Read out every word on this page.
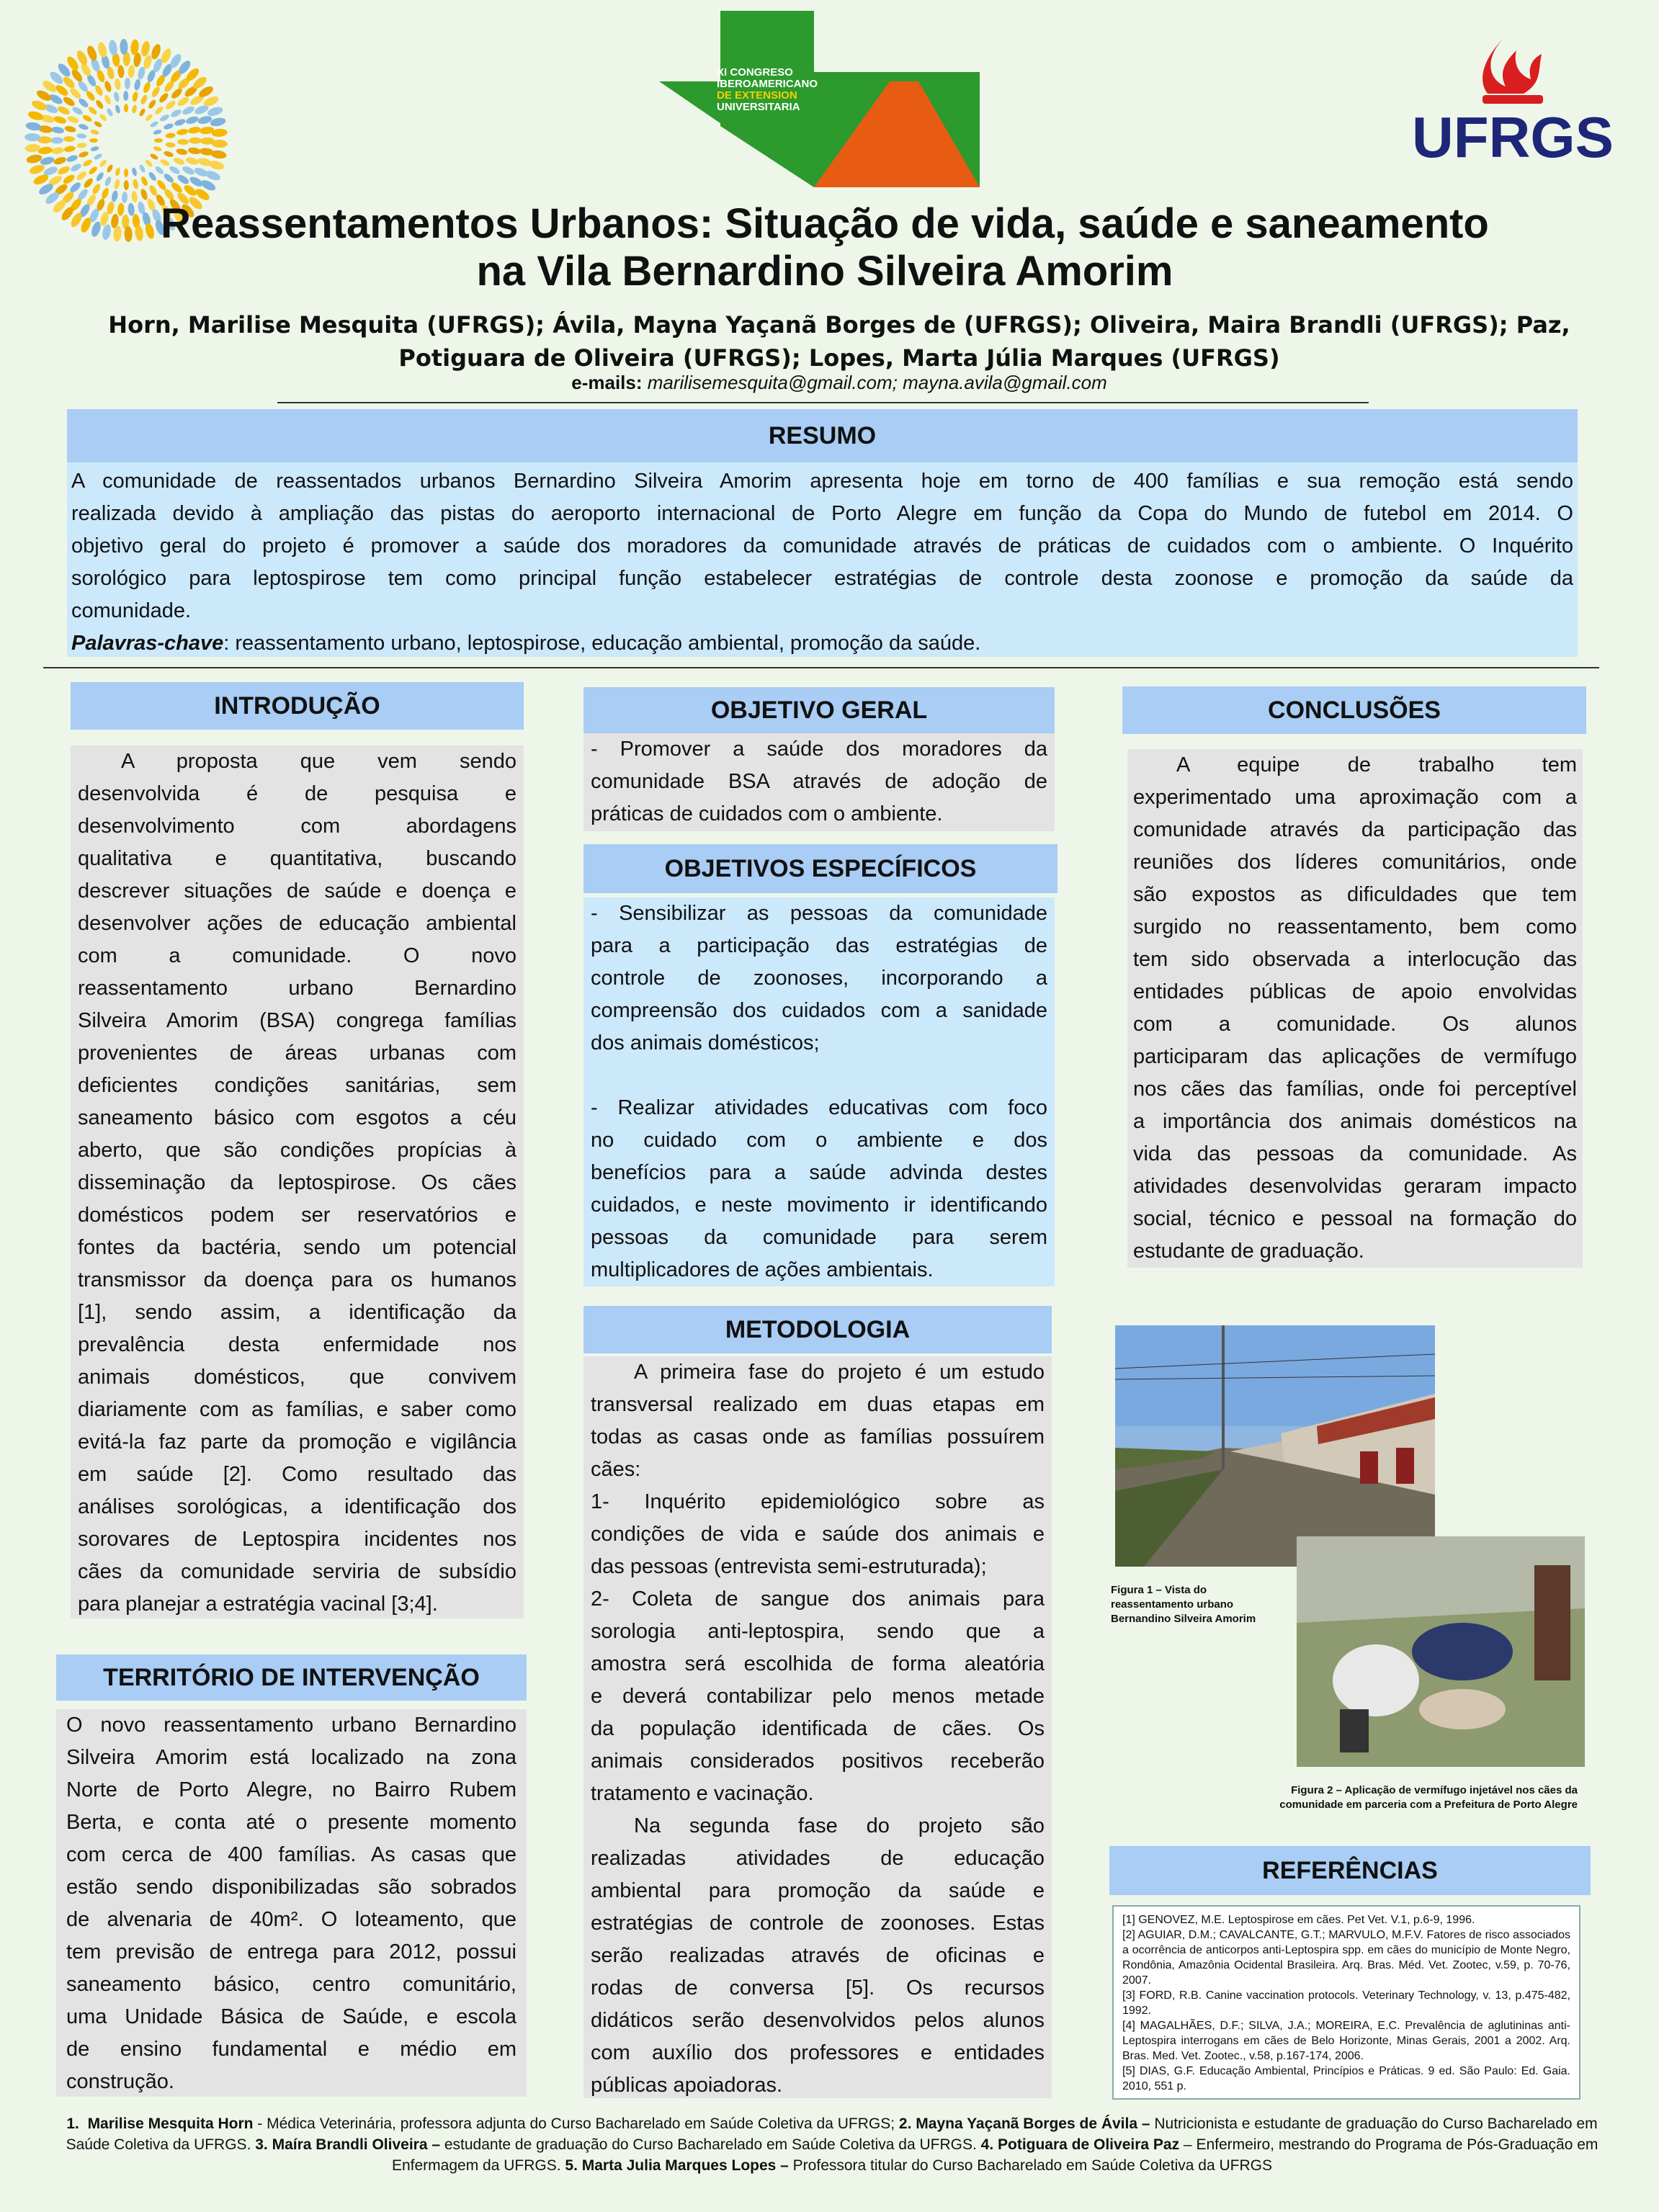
XI CONGRESO
IBEROAMERICANO
DE EXTENSION
UNIVERSITARIA	UFRGS
Reassentamentos Urbanos: Situação de vida, saúde e saneamento
na Vila Bernardino Silveira Amorim
Horn, Marilise Mesquita (UFRGS); Ávila, Mayna Yaçanã Borges de (UFRGS); Oliveira, Maira Brandli (UFRGS); Paz,
Potiguara de Oliveira (UFRGS); Lopes, Marta Júlia Marques (UFRGS)
e-mails: marilisemesquita@gmail.com; mayna.avila@gmail.com
RESUMO

A comunidade de reassentados urbanos Bernardino Silveira Amorim apresenta hoje em torno de 400 famílias e sua remoção está sendo

realizada devido à ampliação das pistas do aeroporto internacional de Porto Alegre em função da Copa do Mundo de futebol em 2014. O

objetivo geral do projeto é promover a saúde dos moradores da comunidade através de práticas de cuidados com o ambiente. O Inquérito

sorológico para leptospirose tem como principal função estabelecer estratégias de controle desta zoonose e promoção da saúde da

comunidade.

Palavras-chave: reassentamento urbano, leptospirose, educação ambiental, promoção da saúde.

INTRODUÇÃO

A proposta que vem sendo

desenvolvida é de pesquisa e

desenvolvimento com abordagens

qualitativa e quantitativa, buscando

descrever situações de saúde e doença e

desenvolver ações de educação ambiental

com a comunidade. O novo

reassentamento urbano Bernardino

Silveira Amorim (BSA) congrega famílias

provenientes de áreas urbanas com

deficientes condições sanitárias, sem

saneamento básico com esgotos a céu

aberto, que são condições propícias à

disseminação da leptospirose. Os cães

domésticos podem ser reservatórios e

fontes da bactéria, sendo um potencial

transmissor da doença para os humanos

[1], sendo assim, a identificação da

prevalência desta enfermidade nos

animais domésticos, que convivem

diariamente com as famílias, e saber como

evitá-la faz parte da promoção e vigilância

em saúde [2]. Como resultado das

análises sorológicas, a identificação dos

sorovares de Leptospira incidentes nos

cães da comunidade serviria de subsídio

para planejar a estratégia vacinal [3;4].

TERRITÓRIO DE INTERVENÇÃO

O novo reassentamento urbano Bernardino

Silveira Amorim está localizado na zona

Norte de Porto Alegre, no Bairro Rubem

Berta, e conta até o presente momento

com cerca de 400 famílias. As casas que

estão sendo disponibilizadas são sobrados

de alvenaria de 40m². O loteamento, que

tem previsão de entrega para 2012, possui

saneamento básico, centro comunitário,

uma Unidade Básica de Saúde, e escola

de ensino fundamental e médio em

construção.

OBJETIVO GERAL

- Promover a saúde dos moradores da

comunidade BSA através de adoção de

práticas de cuidados com o ambiente.

OBJETIVOS ESPECÍFICOS

- Sensibilizar as pessoas da comunidade

para a participação das estratégias de

controle de zoonoses, incorporando a

compreensão dos cuidados com a sanidade

dos animais domésticos;

- Realizar atividades educativas com foco

no cuidado com o ambiente e dos

benefícios para a saúde advinda destes

cuidados, e neste movimento ir identificando

pessoas da comunidade para serem

multiplicadores de ações ambientais.

METODOLOGIA

A primeira fase do projeto é um estudo

transversal realizado em duas etapas em

todas as casas onde as famílias possuírem

cães:

1- Inquérito epidemiológico sobre as

condições de vida e saúde dos animais e

das pessoas (entrevista semi-estruturada);

2- Coleta de sangue dos animais para

sorologia anti-leptospira, sendo que a

amostra será escolhida de forma aleatória

e deverá contabilizar pelo menos metade

da população identificada de cães. Os

animais considerados positivos receberão

tratamento e vacinação.

Na segunda fase do projeto são

realizadas atividades de educação

ambiental para promoção da saúde e

estratégias de controle de zoonoses. Estas

serão realizadas através de oficinas e

rodas de conversa [5]. Os recursos

didáticos serão desenvolvidos pelos alunos

com auxílio dos professores e entidades

públicas apoiadoras.

CONCLUSÕES

A equipe de trabalho tem

experimentado uma aproximação com a

comunidade através da participação das

reuniões dos líderes comunitários, onde

são expostos as dificuldades que tem

surgido no reassentamento, bem como

tem sido observada a interlocução das

entidades públicas de apoio envolvidas

com a comunidade. Os alunos

participaram das aplicações de vermífugo

nos cães das famílias, onde foi perceptível

a importância dos animais domésticos na

vida das pessoas da comunidade. As

atividades desenvolvidas geraram impacto

social, técnico e pessoal na formação do

estudante de graduação.

Figura 1 – Vista do
reassentamento urbano
Bernandino Silveira Amorim
Figura 2 – Aplicação de vermífugo injetável nos cães da
comunidade em parceria com a Prefeitura de Porto Alegre
REFERÊNCIAS

[1] GENOVEZ, M.E. Leptospirose em cães. Pet Vet. V.1, p.6-9, 1996.

[2] AGUIAR, D.M.; CAVALCANTE, G.T.; MARVULO, M.F.V. Fatores de risco associados a ocorrência de anticorpos anti-Leptospira spp. em cães do município de Monte Negro, Rondônia, Amazônia Ocidental Brasileira. Arq. Bras. Méd. Vet. Zootec, v.59, p. 70-76, 2007.

[3] FORD, R.B. Canine vaccination protocols. Veterinary Technology, v. 13, p.475-482, 1992.

[4] MAGALHÃES, D.F.; SILVA, J.A.; MOREIRA, E.C. Prevalência de aglutininas anti-Leptospira interrogans em cães de Belo Horizonte, Minas Gerais, 2001 a 2002. Arq. Bras. Med. Vet. Zootec., v.58, p.167-174, 2006.

[5] DIAS, G.F. Educação Ambiental, Princípios e Práticas. 9 ed. São Paulo: Ed. Gaia. 2010, 551 p.

1. Marilise Mesquita Horn - Médica Veterinária, professora adjunta do Curso Bacharelado em Saúde Coletiva da UFRGS; 2. Mayna Yaçanã Borges de Ávila – Nutricionista e estudante de graduação do Curso Bacharelado em Saúde Coletiva da UFRGS. 3. Maíra Brandli Oliveira – estudante de graduação do Curso Bacharelado em Saúde Coletiva da UFRGS. 4. Potiguara de Oliveira Paz – Enfermeiro, mestrando do Programa de Pós-Graduação em Enfermagem da UFRGS. 5. Marta Julia Marques Lopes – Professora titular do Curso Bacharelado em Saúde Coletiva da UFRGS
